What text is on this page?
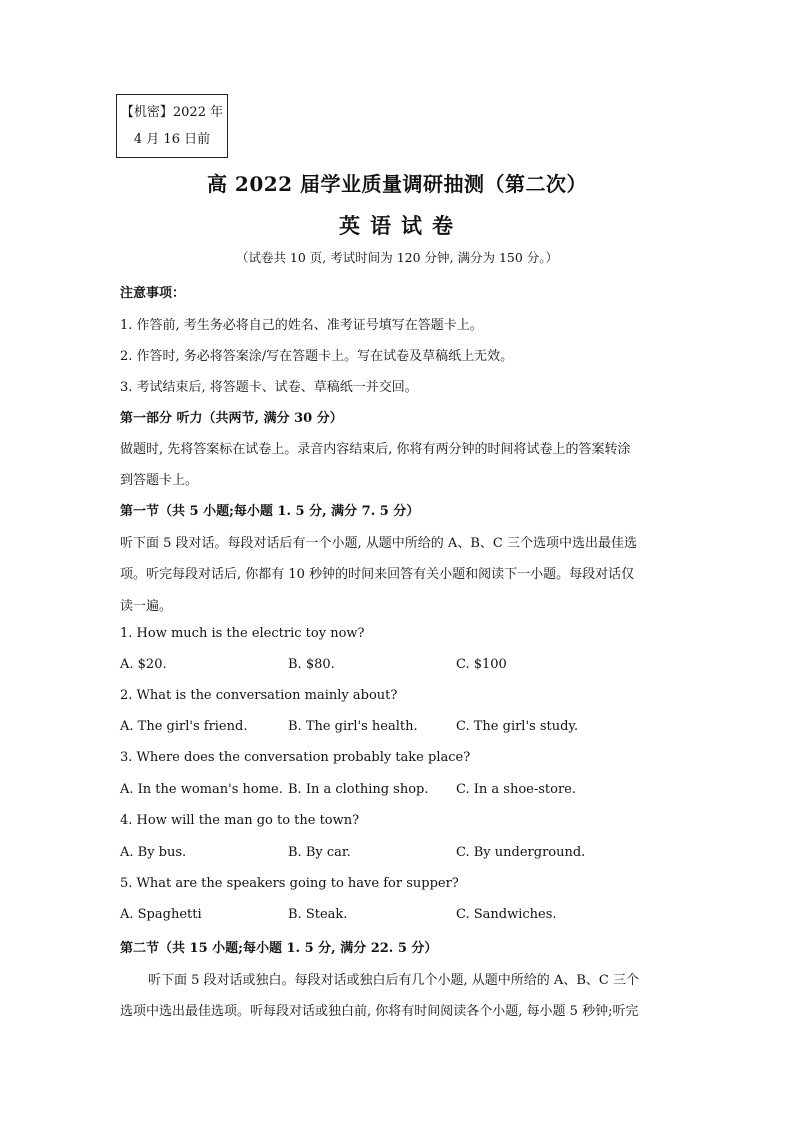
【机密】2022 年
4 月 16 日前
高 2022 届学业质量调研抽测（第二次）
英语试卷
（试卷共 10 页, 考试时间为 120 分钟, 满分为 150 分。）
注意事项：
1. 作答前, 考生务必将自己的姓名、准考证号填写在答题卡上。
2. 作答时, 务必将答案涂/写在答题卡上。写在试卷及草稿纸上无效。
3. 考试结束后, 将答题卡、试卷、草稿纸一并交回。
第一部分 听力（共两节, 满分 30 分）
做题时, 先将答案标在试卷上。录音内容结束后, 你将有两分钟的时间将试卷上的答案转涂
到答题卡上。
第一节（共 5 小题;每小题 1. 5 分, 满分 7. 5 分）
听下面 5 段对话。每段对话后有一个小题, 从题中所给的 A、B、C 三个选项中选出最佳选
项。听完每段对话后, 你都有 10 秒钟的时间来回答有关小题和阅读下一小题。每段对话仅
读一遍。
1. How much is the electric toy now?
A. $20.	B. $80.	C. $100
2. What is the conversation mainly about?
A. The girl's friend.	B. The girl's health.	C. The girl's study.
3. Where does the conversation probably take place?
A. In the woman's home. B. In a clothing shop. C. In a shoe-store.
4. How will the man go to the town?
A. By bus.	B. By car.	C. By underground.
5. What are the speakers going to have for supper?
A. Spaghetti	B. Steak.	C. Sandwiches.
第二节（共 15 小题;每小题 1. 5 分, 满分 22. 5 分）
听下面 5 段对话或独白。每段对话或独白后有几个小题, 从题中所给的 A、B、C 三个
选项中选出最佳选项。听每段对话或独白前, 你将有时间阅读各个小题, 每小题 5 秒钟;听完
